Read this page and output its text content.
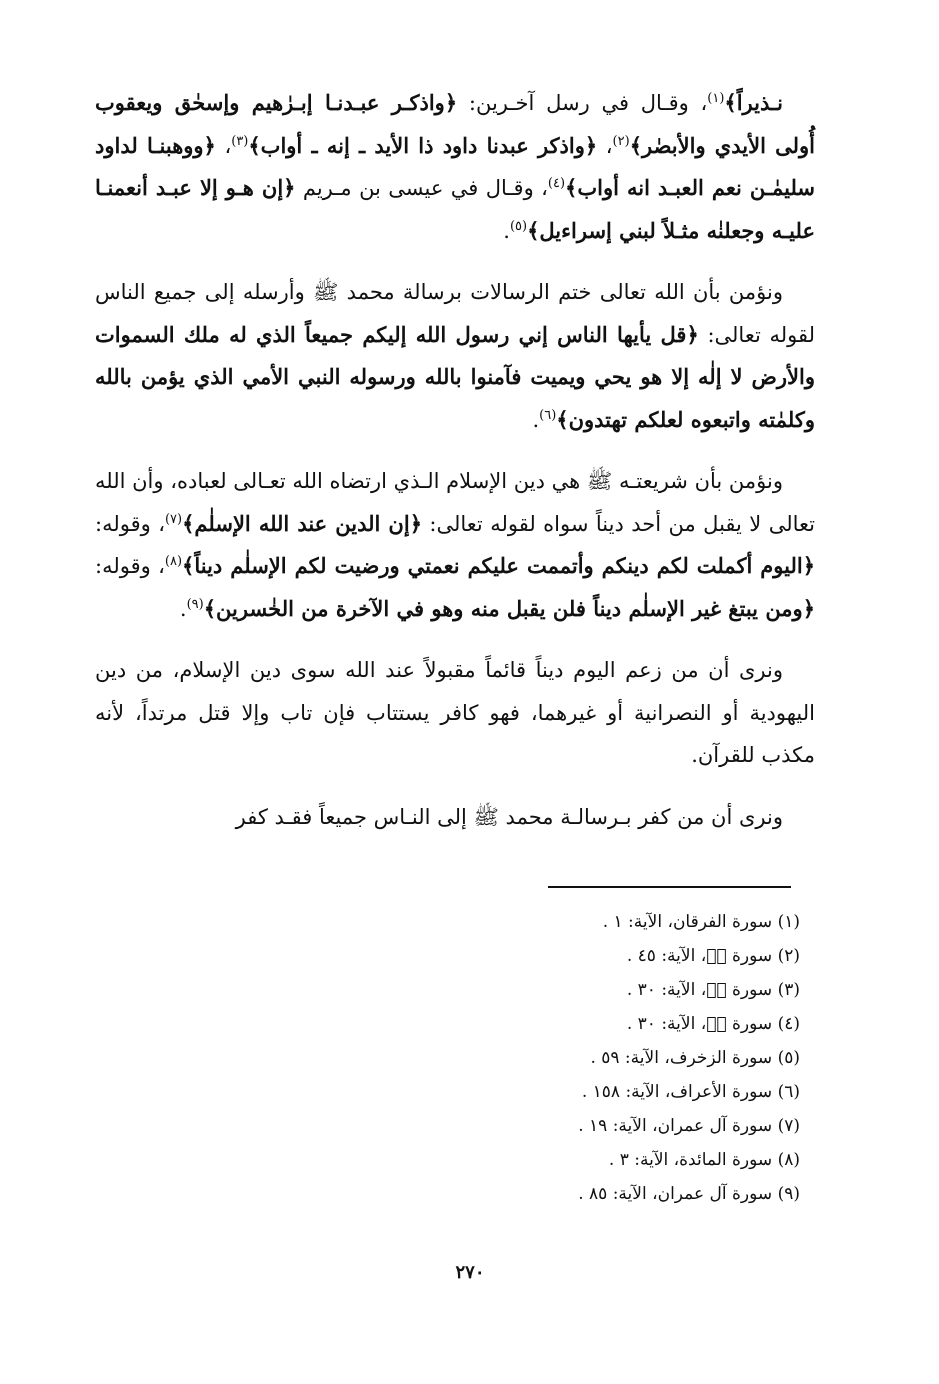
نـذيراً﴾$^{(١)}$، وقـال في رسل آخـرين: ﴿واذكـر عبـدنـا إبـرٰهيم وإسحٰق ويعقوب أُولى الأيدي والأبصٰر﴾$^{(٢)}$، ﴿واذكر عبدنا داود ذا الأيد ـ إنه ـ أواب﴾$^{(٣)}$، ﴿ووهبنـا لداود سليمٰـن نعم العبـد انه أواب﴾$^{(٤)}$، وقـال في عيسى بن مـريم ﴿إن هـو إلا عبـد أنعمنـا عليـه وجعلنٰه مثـلاً لبني إسراءيل﴾$^{(٥)}$.

ونؤمن بأن الله تعالى ختم الرسالات برسالة محمد ﷺ وأرسله إلى جميع الناس لقوله تعالى: ﴿قل يأيها الناس إني رسول الله إليكم جميعاً الذي له ملك السموات والأرض لا إلٰه إلا هو يحي ويميت فآمنوا بالله ورسوله النبي الأمي الذي يؤمن بالله وكلمٰته واتبعوه لعلكم تهتدون﴾$^{(٦)}$.

ونؤمن بأن شريعتـه ﷺ هي دين الإسلام الـذي ارتضاه الله تعـالى لعباده، وأن الله تعالى لا يقبل من أحد ديناً سواه لقوله تعالى: ﴿إن الدين عند الله الإسلٰم﴾$^{(٧)}$، وقوله: ﴿اليوم أكملت لكم دينكم وأتممت عليكم نعمتي ورضيت لكم الإسلٰم ديناً﴾$^{(٨)}$، وقوله: ﴿ومن يبتغ غير الإسلٰم ديناً فلن يقبل منه وهو في الآخرة من الخٰسرين﴾$^{(٩)}$.

ونرى أن من زعم اليوم ديناً قائماً مقبولاً عند الله سوى دين الإسلام، من دين اليهودية أو النصرانية أو غيرهما، فهو كافر يستتاب فإن تاب وإلا قتل مرتداً، لأنه مكذب للقرآن.

ونرى أن من كفر بـرسالـة محمد ﷺ إلى النـاس جميعاً فقـد كفر

(١) سورة الفرقان، الآية: ١ .
(٢) سورة صۤ، الآية: ٤٥ .
(٣) سورة صۤ، الآية: ٣٠ .
(٤) سورة صۤ، الآية: ٣٠ .
(٥) سورة الزخرف، الآية: ٥٩ .
(٦) سورة الأعراف، الآية: ١٥٨ .
(٧) سورة آل عمران، الآية: ١٩ .
(٨) سورة المائدة، الآية: ٣ .
(٩) سورة آل عمران، الآية: ٨٥ .
٢٧٠
